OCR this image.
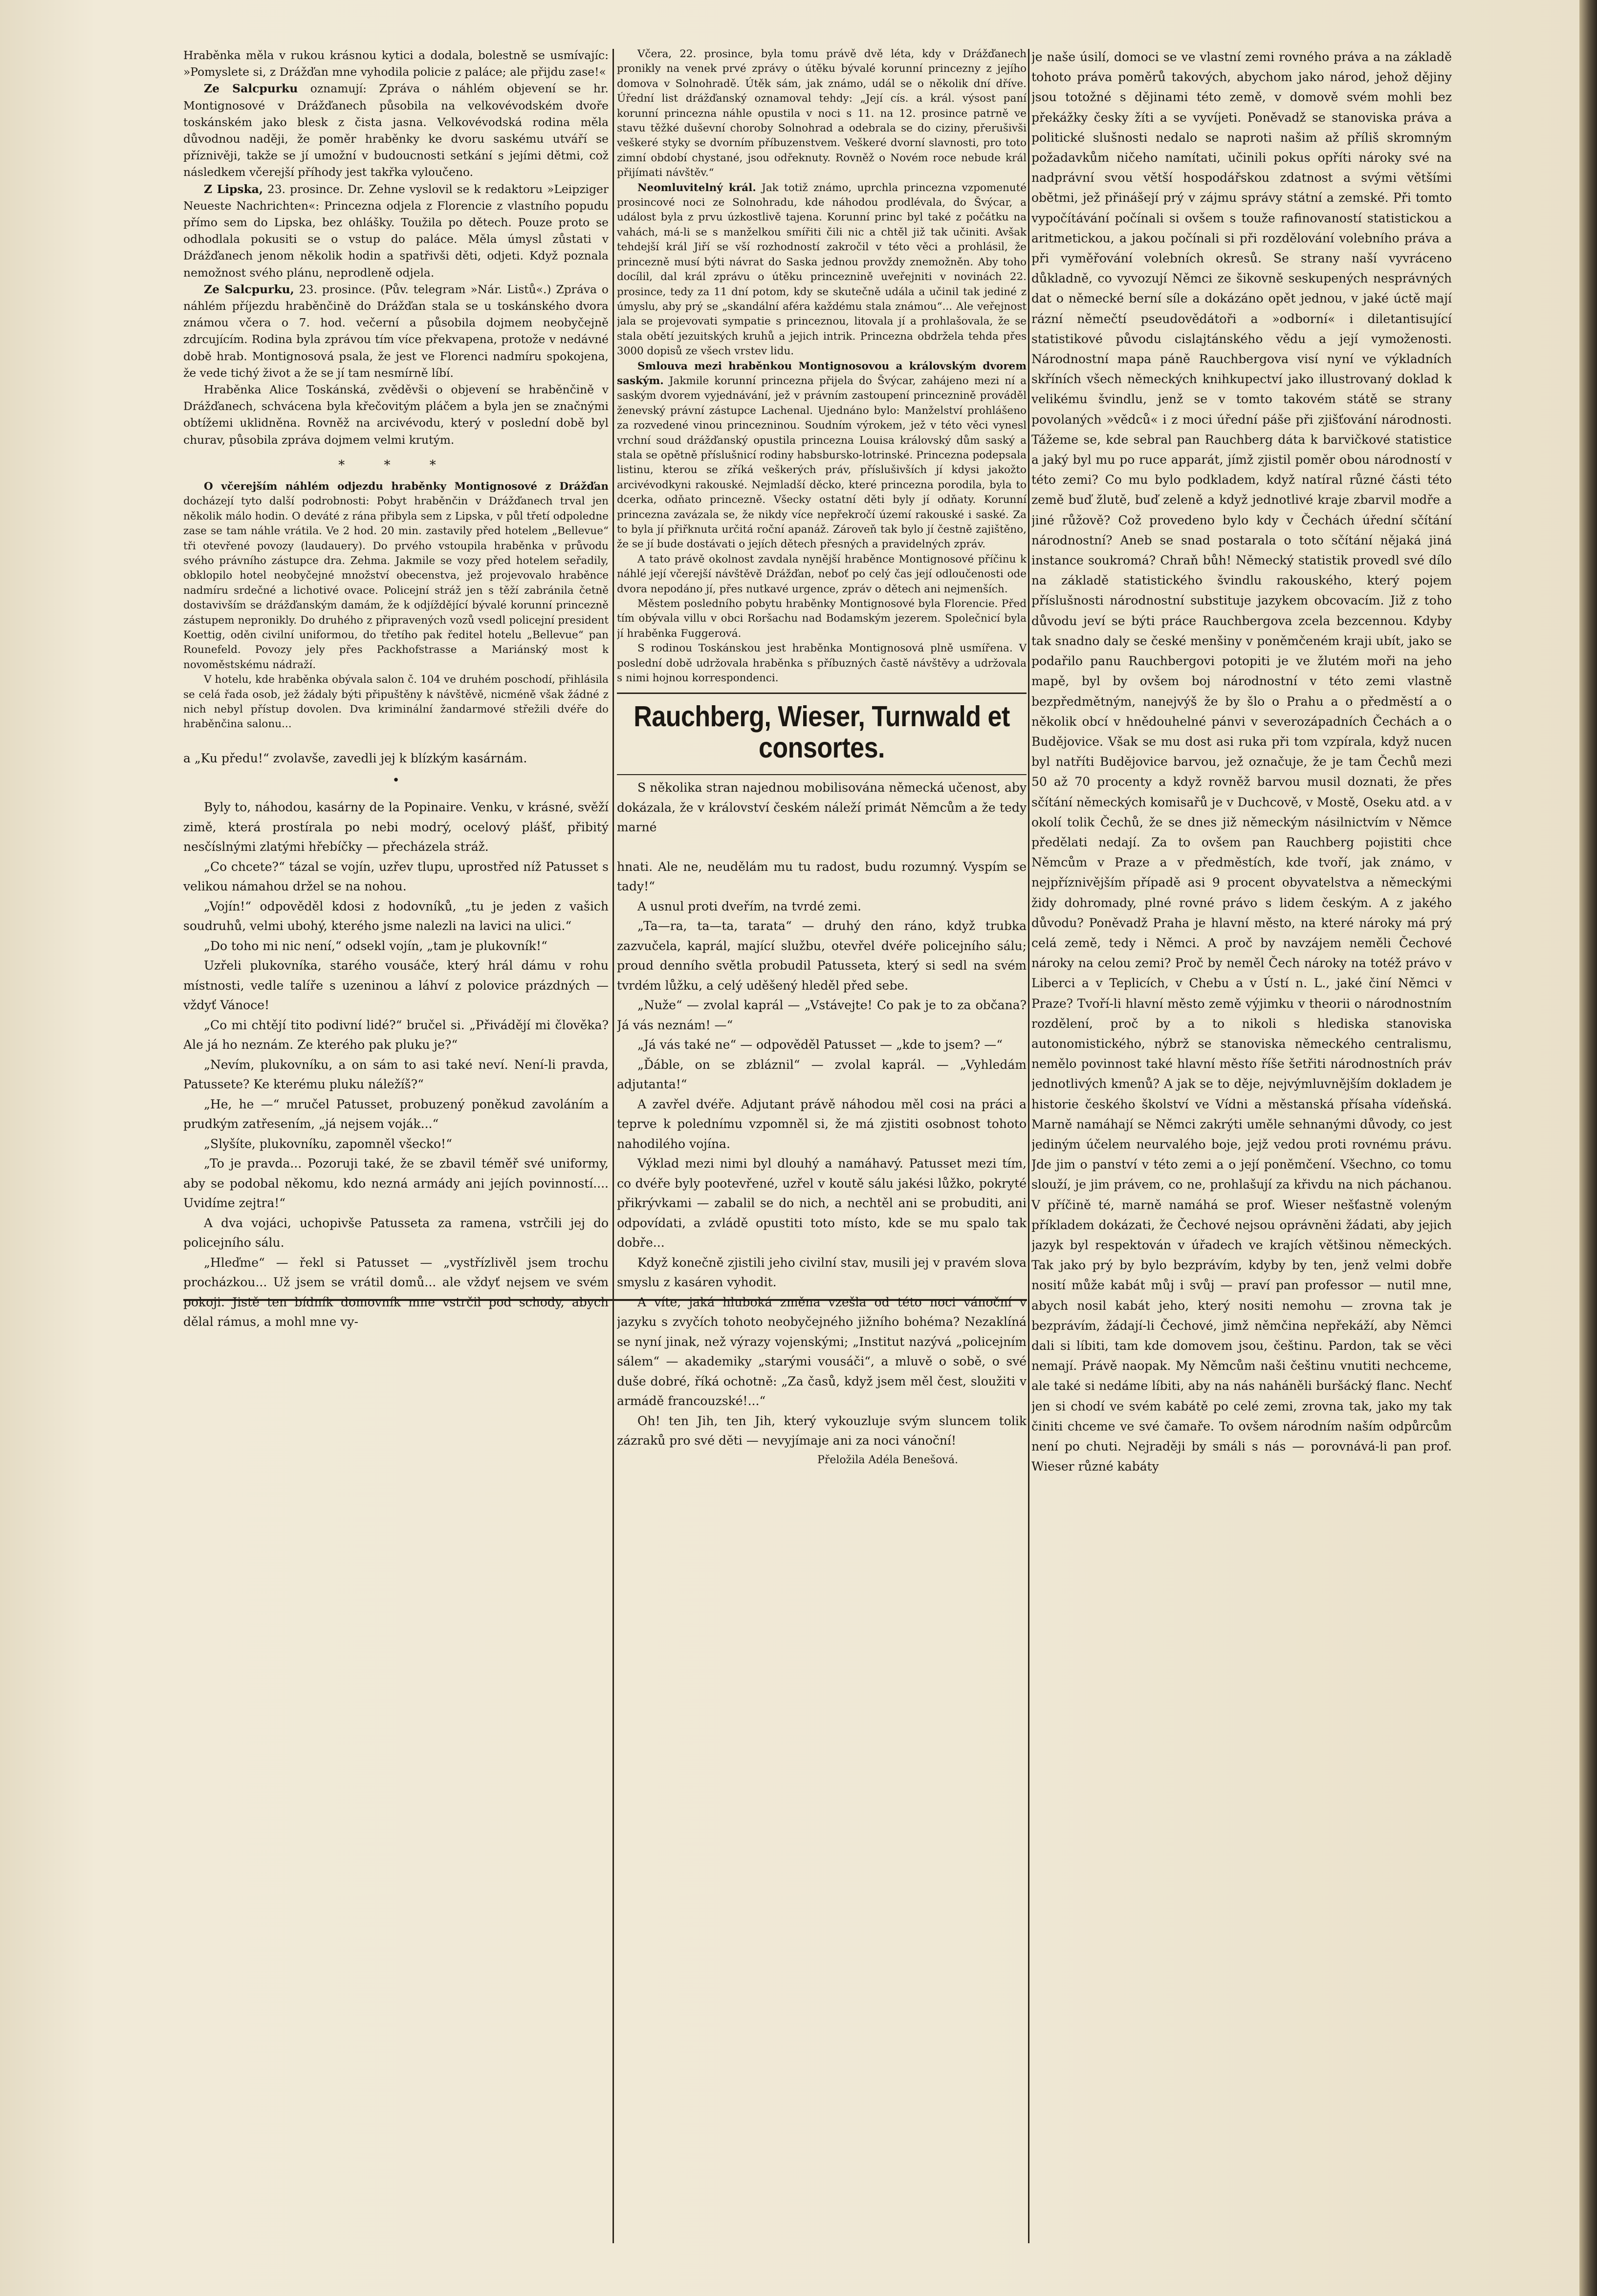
Hraběnka měla v rukou krásnou kytici a dodala, bolestně se usmívajíc: »Pomyslete si, z Drážďan mne vyhodila policie z paláce; ale přijdu zase!«

Ze Salcpurku oznamují: Zpráva o náhlém objevení se hr. Montignosové v Drážďanech působila na velkovévodském dvoře toskánském jako blesk z čista jasna. Velkovévodská rodina měla důvodnou naději, že poměr hraběnky ke dvoru saskému utváří se příznivěji, takže se jí umožní v budoucnosti setkání s jejími dětmi, což následkem včerejší příhody jest takřka vyloučeno.

Z Lipska, 23. prosince. Dr. Zehne vyslovil se k redaktoru »Leipziger Neueste Nachrichten«: Princezna odjela z Florencie z vlastního popudu přímo sem do Lipska, bez ohlášky. Toužila po dětech. Pouze proto se odhodlala pokusiti se o vstup do paláce. Měla úmysl zůstati v Drážďanech jenom několik hodin a spatřivši děti, odjeti. Když poznala nemožnost svého plánu, neprodleně odjela.

Ze Salcpurku, 23. prosince. (Pův. telegram »Nár. Listů«.) Zpráva o náhlém příjezdu hraběnčině do Drážďan stala se u toskánského dvora známou včera o 7. hod. večerní a působila dojmem neobyčejně zdrcujícím. Rodina byla zprávou tím více překvapena, protože v nedávné době hrab. Montignosová psala, že jest ve Florenci nadmíru spokojena, že vede tichý život a že se jí tam nesmírně líbí.

Hraběnka Alice Toskánská, zvěděvši o objevení se hraběnčině v Drážďanech, schvácena byla křečovitým pláčem a byla jen se značnými obtížemi uklidněna. Rovněž na arcivévodu, který v poslední době byl churav, působila zpráva dojmem velmi krutým.

* * *

O včerejším náhlém odjezdu hraběnky Montignosové z Drážďan docházejí tyto další podrobnosti: Pobyt hraběnčin v Drážďanech trval jen několik málo hodin. O deváté z rána přibyla sem z Lipska, v půl třetí odpoledne zase se tam náhle vrátila. Ve 2 hod. 20 min. zastavily před hotelem „Bellevue“ tři otevřené povozy (laudauery). Do prvého vstoupila hraběnka v průvodu svého právního zástupce dra. Zehma. Jakmile se vozy před hotelem seřadily, obklopilo hotel neobyčejné množství obecenstva, jež projevovalo hraběnce nadmíru srdečné a lichotivé ovace. Policejní stráž jen s těží zabránila četně dostavivším se drážďanským damám, že k odjíždějící bývalé korunní princezně zástupem nepronikly. Do druhého z připravených vozů vsedl policejní president Koettig, oděn civilní uniformou, do třetího pak ředitel hotelu „Bellevue“ pan Rounefeld. Povozy jely přes Packhofstrasse a Mariánský most k novoměstskému nádraží.

V hotelu, kde hraběnka obývala salon č. 104 ve druhém poschodí, přihlásila se celá řada osob, jež žádaly býti připuštěny k návštěvě, nicméně však žádné z nich nebyl přístup dovolen. Dva kriminální žandarmové střežili dvéře do hraběnčina salonu...

a „Ku předu!“ zvolavše, zavedli jej k blízkým kasárnám.

•

Byly to, náhodou, kasárny de la Popinaire. Venku, v krásné, svěží zimě, která prostírala po nebi modrý, ocelový plášť, přibitý nesčíslnými zlatými hřebíčky — přecházela stráž.

„Co chcete?“ tázal se vojín, uzřev tlupu, uprostřed níž Patusset s velikou námahou držel se na nohou.

„Vojín!“ odpověděl kdosi z hodovníků, „tu je jeden z vašich soudruhů, velmi ubohý, kterého jsme nalezli na lavici na ulici.“

„Do toho mi nic není,“ odsekl vojín, „tam je plukovník!“

Uzřeli plukovníka, starého vousáče, který hrál dámu v rohu místnosti, vedle talíře s uzeninou a láhví z polovice prázdných — vždyť Vánoce!

„Co mi chtějí tito podivní lidé?“ bručel si. „Přivádějí mi člověka? Ale já ho neznám. Ze kterého pak pluku je?“

„Nevím, plukovníku, a on sám to asi také neví. Není-li pravda, Patussete? Ke kterému pluku náležíš?“

„He, he —“ mručel Patusset, probuzený poněkud zavoláním a prudkým zatřesením, „já nejsem voják...“

„Slyšíte, plukovníku, zapomněl všecko!“

„To je pravda... Pozoruji také, že se zbavil téměř své uniformy, aby se podobal někomu, kdo nezná armády ani jejích povinností.... Uvidíme zejtra!“

A dva vojáci, uchopivše Patusseta za ramena, vstrčili jej do policejního sálu.

„Hleďme“ — řekl si Patusset — „vystřízlivěl jsem trochu procházkou... Už jsem se vrátil domů... ale vždyť nejsem ve svém pokoji. Jistě ten bídník domovník mne vstrčil pod schody, abych dělal rámus, a mohl mne vy-

Včera, 22. prosince, byla tomu právě dvě léta, kdy v Drážďanech pronikly na venek prvé zprávy o útěku bývalé korunní princezny z jejího domova v Solnohradě. Útěk sám, jak známo, udál se o několik dní dříve. Úřední list drážďanský oznamoval tehdy: „Její cís. a král. výsost paní korunní princezna náhle opustila v noci s 11. na 12. prosince patrně ve stavu těžké duševní choroby Solnohrad a odebrala se do ciziny, přerušivši veškeré styky se dvorním příbuzenstvem. Veškeré dvorní slavnosti, pro toto zimní období chystané, jsou odřeknuty. Rovněž o Novém roce nebude král přijímati návštěv.“

Neomluvitelný král. Jak totiž známo, uprchla princezna vzpomenuté prosincové noci ze Solnohradu, kde náhodou prodlévala, do Švýcar, a událost byla z prvu úzkostlivě tajena. Korunní princ byl také z počátku na vahách, má-li se s manželkou smířiti čili nic a chtěl již tak učiniti. Avšak tehdejší král Jiří se vší rozhodností zakročil v této věci a prohlásil, že princezně musí býti návrat do Saska jednou provždy znemožněn. Aby toho docílil, dal král zprávu o útěku princeznině uveřejniti v novinách 22. prosince, tedy za 11 dní potom, kdy se skutečně udála a učinil tak jediné z úmyslu, aby prý se „skandální aféra každému stala známou“... Ale veřejnost jala se projevovati sympatie s princeznou, litovala jí a prohlašovala, že se stala obětí jezuitských kruhů a jejich intrik. Princezna obdržela tehda přes 3000 dopisů ze všech vrstev lidu.

Smlouva mezi hraběnkou Montignosovou a královským dvorem saským. Jakmile korunní princezna přijela do Švýcar, zahájeno mezi ní a saským dvorem vyjednávání, jež v právním zastoupení princeznině prováděl ženevský právní zástupce Lachenal. Ujednáno bylo: Manželství prohlášeno za rozvedené vinou princezninou. Soudním výrokem, jež v této věci vynesl vrchní soud drážďanský opustila princezna Louisa královský dům saský a stala se opětně příslušnicí rodiny habsbursko-lotrinské. Princezna podepsala listinu, kterou se zříká veškerých práv, příslušivších jí kdysi jakožto arcivévodkyni rakouské. Nejmladší děcko, které princezna porodila, byla to dcerka, odňato princezně. Všecky ostatní děti byly jí odňaty. Korunní princezna zavázala se, že nikdy více nepřekročí území rakouské i saské. Za to byla jí přiřknuta určitá roční apanáž. Zároveň tak bylo jí čestně zajištěno, že se jí bude dostávati o jejích dětech přesných a pravidelných zpráv.

A tato právě okolnost zavdala nynější hraběnce Montignosové příčinu k náhlé její včerejší návštěvě Drážďan, neboť po celý čas její odloučenosti ode dvora nepodáno jí, přes nutkavé urgence, zpráv o dětech ani nejmenších.

Městem posledního pobytu hraběnky Montignosové byla Florencie. Před tím obývala villu v obci Roršachu nad Bodamským jezerem. Společnicí byla jí hraběnka Fuggerová.

S rodinou Toskánskou jest hraběnka Montignosová plně usmířena. V poslední době udržovala hraběnka s příbuzných častě návštěvy a udržovala s nimi hojnou korrespondenci.

Rauchberg, Wieser, Turnwald et consortes.

S několika stran najednou mobilisována německá učenost, aby dokázala, že v království českém náleží primát Němcům a že tedy marné

hnati. Ale ne, neudělám mu tu radost, budu rozumný. Vyspím se tady!“

A usnul proti dveřím, na tvrdé zemi.

„Ta—ra, ta—ta, tarata“ — druhý den ráno, když trubka zazvučela, kaprál, mající službu, otevřel dvéře policejního sálu; proud denního světla probudil Patusseta, který si sedl na svém tvrdém lůžku, a celý uděšený hleděl před sebe.

„Nuže“ — zvolal kaprál — „Vstávejte! Co pak je to za občana? Já vás neznám! —“

„Já vás také ne“ — odpověděl Patusset — „kde to jsem? —“

„Ďáble, on se zbláznil“ — zvolal kaprál. — „Vyhledám adjutanta!“

A zavřel dvéře. Adjutant právě náhodou měl cosi na práci a teprve k polednímu vzpomněl si, že má zjistiti osobnost tohoto nahodilého vojína.

Výklad mezi nimi byl dlouhý a namáhavý. Patusset mezi tím, co dvéře byly pootevřené, uzřel v koutě sálu jakési lůžko, pokryté přikrývkami — zabalil se do nich, a nechtěl ani se probuditi, ani odpovídati, a zvládě opustiti toto místo, kde se mu spalo tak dobře...

Když konečně zjistili jeho civilní stav, musili jej v pravém slova smyslu z kasáren vyhodit.

A víte, jaká hluboká změna vzešla od této noci vánoční v jazyku s zvyčích tohoto neobyčejného jižního bohéma? Nezaklíná se nyní jinak, než výrazy vojenskými; „Institut nazývá „policejním sálem“ — akademiky „starými vousáči“, a mluvě o sobě, o své duše dobré, říká ochotně: „Za časů, když jsem měl čest, sloužiti v armádě francouzské!...“

Oh! ten Jih, ten Jih, který vykouzluje svým sluncem tolik zázraků pro své děti — nevyjímaje ani za noci vánoční!

Přeložila Adéla Benešová.

je naše úsilí, domoci se ve vlastní zemi rovného práva a na základě tohoto práva poměrů takových, abychom jako národ, jehož dějiny jsou totožné s dějinami této země, v domově svém mohli bez překážky česky žíti a se vyvíjeti. Poněvadž se stanoviska práva a politické slušnosti nedalo se naproti našim až příliš skromným požadavkům ničeho namítati, učinili pokus opříti nároky své na nadprávní svou větší hospodářskou zdatnost a svými většími obětmi, jež přinášejí prý v zájmu správy státní a zemské. Při tomto vypočítávání počínali si ovšem s touže rafinovaností statistickou a aritmetickou, a jakou počínali si při rozdělování volebního práva a při vyměřování volebních okresů. Se strany naší vyvráceno důkladně, co vyvozují Němci ze šikovně seskupených nesprávných dat o německé berní síle a dokázáno opět jednou, v jaké úctě mají rázní němečtí pseudovědátoři a »odborní« i diletantisující statistikové původu cislajtánského vědu a její vymoženosti. Národnostní mapa páně Rauchbergova visí nyní ve výkladních skříních všech německých knihkupectví jako illustrovaný doklad k velikému švindlu, jenž se v tomto takovém státě se strany povolaných »vědců« i z moci úřední páše při zjišťování národnosti. Tážeme se, kde sebral pan Rauchberg dáta k barvičkové statistice a jaký byl mu po ruce apparát, jímž zjistil poměr obou národností v této zemi? Co mu bylo podkladem, když natíral různé části této země buď žlutě, buď zeleně a když jednotlivé kraje zbarvil modře a jiné růžově? Což provedeno bylo kdy v Čechách úřední sčítání národnostní? Aneb se snad postarala o toto sčítání nějaká jiná instance soukromá? Chraň bůh! Německý statistik provedl své dílo na základě statistického švindlu rakouského, který pojem příslušnosti národnostní substituje jazykem obcovacím. Již z toho důvodu jeví se býti práce Rauchbergova zcela bezcennou. Kdyby tak snadno daly se české menšiny v poněmčeném kraji ubít, jako se podařilo panu Rauchbergovi potopiti je ve žlutém moři na jeho mapě, byl by ovšem boj národnostní v této zemi vlastně bezpředmětným, nanejvýš že by šlo o Prahu a o předměstí a o několik obcí v hnědouhelné pánvi v severozápadních Čechách a o Budějovice. Však se mu dost asi ruka při tom vzpírala, když nucen byl natříti Budějovice barvou, jež označuje, že je tam Čechů mezi 50 až 70 procenty a když rovněž barvou musil doznati, že přes sčítání německých komisařů je v Duchcově, v Mostě, Oseku atd. a v okolí tolik Čechů, že se dnes již německým násilnictvím v Němce předělati nedají. Za to ovšem pan Rauchberg pojistiti chce Němcům v Praze a v předměstích, kde tvoří, jak známo, v nejpříznivějším případě asi 9 procent obyvatelstva a německými židy dohromady, plné rovné právo s lidem českým. A z jakého důvodu? Poněvadž Praha je hlavní město, na které nároky má prý celá země, tedy i Němci. A proč by navzájem neměli Čechové nároky na celou zemi? Proč by neměl Čech nároky na totéž právo v Liberci a v Teplicích, v Chebu a v Ústí n. L., jaké činí Němci v Praze? Tvoří-li hlavní město země výjimku v theorii o národnostním rozdělení, proč by a to nikoli s hlediska stanoviska autonomistického, nýbrž se stanoviska německého centralismu, nemělo povinnost také hlavní město říše šetřiti národnostních práv jednotlivých kmenů? A jak se to děje, nejvýmluvnějším dokladem je historie českého školství ve Vídni a městanská přísaha vídeňská. Marně namáhají se Němci zakrýti uměle sehnanými důvody, co jest jediným účelem neurvalého boje, jejž vedou proti rovnému právu. Jde jim o panství v této zemi a o její poněmčení. Všechno, co tomu slouží, je jim právem, co ne, prohlašují za křivdu na nich páchanou. V příčině té, marně namáhá se prof. Wieser nešťastně voleným příkladem dokázati, že Čechové nejsou oprávněni žádati, aby jejich jazyk byl respektován v úřadech ve krajích většinou německých. Tak jako prý by bylo bezprávím, kdyby by ten, jenž velmi dobře nosití může kabát můj i svůj — praví pan professor — nutil mne, abych nosil kabát jeho, který nositi nemohu — zrovna tak je bezprávím, žádají-li Čechové, jimž němčina nepřekáží, aby Němci dali si líbiti, tam kde domovem jsou, češtinu. Pardon, tak se věci nemají. Právě naopak. My Němcům naši češtinu vnutiti nechceme, ale také si nedáme líbiti, aby na nás naháněli buršácký flanc. Nechť jen si chodí ve svém kabátě po celé zemi, zrovna tak, jako my tak činiti chceme ve své čamaře. To ovšem národním naším odpůrcům není po chuti. Nejraději by smáli s nás — porovnává-li pan prof. Wieser různé kabáty
